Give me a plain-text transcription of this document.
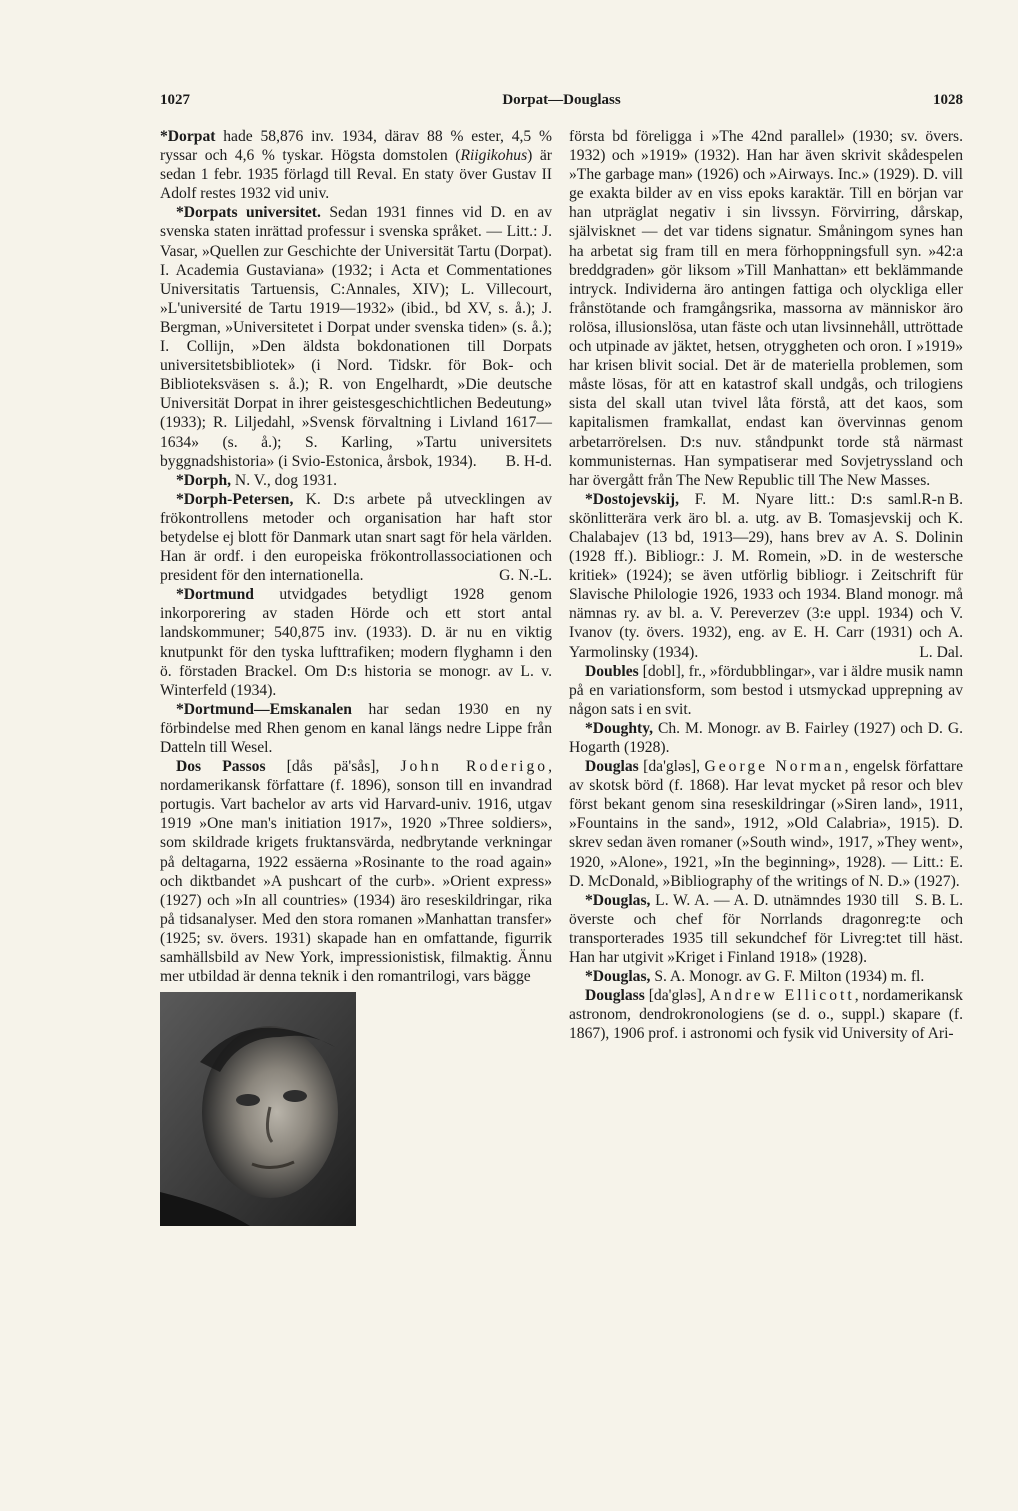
1027	Dorpat—Douglass	1028

*Dorpat hade 58,876 inv. 1934, därav 88 % ester, 4,5 % ryssar och 4,6 % tyskar. Högsta domstolen (Riigikohus) är sedan 1 febr. 1935 förlagd till Reval. En staty över Gustav II Adolf restes 1932 vid univ.

*Dorpats universitet. Sedan 1931 finnes vid D. en av svenska staten inrättad professur i svenska språket. — Litt.: J. Vasar, »Quellen zur Geschichte der Universität Tartu (Dorpat). I. Academia Gustaviana» (1932; i Acta et Commentationes Universitatis Tartuensis, C:Annales, XIV); L. Villecourt, »L'université de Tartu 1919—1932» (ibid., bd XV, s. å.); J. Bergman, »Universitetet i Dorpat under svenska tiden» (s. å.); I. Collijn, »Den äldsta bokdonationen till Dorpats universitetsbibliotek» (i Nord. Tidskr. för Bok- och Biblioteksväsen s. å.); R. von Engelhardt, »Die deutsche Universität Dorpat in ihrer geistesgeschichtlichen Bedeutung» (1933); R. Liljedahl, »Svensk förvaltning i Livland 1617—1634» (s. å.); S. Karling, »Tartu universitets byggnadshistoria» (i Svio-Estonica, årsbok, 1934).	B. H-d.

*Dorph, N. V., dog 1931.

*Dorph-Petersen, K. D:s arbete på utvecklingen av frökontrollens metoder och organisation har haft stor betydelse ej blott för Danmark utan snart sagt för hela världen. Han är ordf. i den europeiska frökontrollassociationen och president för den internationella.	G. N.-L.

*Dortmund utvidgades betydligt 1928 genom inkorporering av staden Hörde och ett stort antal landskommuner; 540,875 inv. (1933). D. är nu en viktig knutpunkt för den tyska lufttrafiken; modern flyghamn i den ö. förstaden Brackel. Om D:s historia se monogr. av L. v. Winterfeld (1934).

*Dortmund—Emskanalen har sedan 1930 en ny förbindelse med Rhen genom en kanal längs nedre Lippe från Datteln till Wesel.

Dos Passos [dås pä'sås], John Roderigo, nordamerikansk författare (f. 1896), sonson till en invandrad portugis. Vart bachelor av arts vid Harvard-univ. 1916, utgav 1919 »One man's initiation 1917», 1920 »Three soldiers», som skildrade krigets fruktansvärda, nedbrytande verkningar på deltagarna, 1922 essäerna »Rosinante to the road again» och diktbandet »A pushcart of the curb». »Orient express» (1927) och »In all countries» (1934) äro reseskildringar, rika på tidsanalyser. Med den stora romanen »Manhattan transfer» (1925; sv. övers. 1931) skapade han en omfattande, figurrik samhällsbild av New York, impressionistisk, filmaktig. Ännu mer utbildad är denna teknik i den romantrilogi, vars bägge

första bd föreligga i »The 42nd parallel» (1930; sv. övers. 1932) och »1919» (1932). Han har även skrivit skådespelen »The garbage man» (1926) och »Airways. Inc.» (1929). D. vill ge exakta bilder av en viss epoks karaktär. Till en början var han utpräglat negativ i sin livssyn. Förvirring, dårskap, självisknet — det var tidens signatur. Småningom synes han ha arbetat sig fram till en mera förhoppningsfull syn. »42:a breddgraden» gör liksom »Till Manhattan» ett beklämmande intryck. Individerna äro antingen fattiga och olyckliga eller frånstötande och framgångsrika, massorna av människor äro rolösa, illusionslösa, utan fäste och utan livsinnehåll, uttröttade och utpinade av jäktet, hetsen, otryggheten och oron. I »1919» har krisen blivit social. Det är de materiella problemen, som måste lösas, för att en katastrof skall undgås, och trilogiens sista del skall utan tvivel låta förstå, att det kaos, som kapitalismen framkallat, endast kan övervinnas genom arbetarrörelsen. D:s nuv. ståndpunkt torde stå närmast kommunisternas. Han sympatiserar med Sovjetryssland och har övergått från The New Republic till The New Masses.
R-n B.

*Dostojevskij, F. M. Nyare litt.: D:s saml. skönlitterära verk äro bl. a. utg. av B. Tomasjevskij och K. Chalabajev (13 bd, 1913—29), hans brev av A. S. Dolinin (1928 ff.). Bibliogr.: J. M. Romein, »D. in de westersche kritiek» (1924); se även utförlig bibliogr. i Zeitschrift für Slavische Philologie 1926, 1933 och 1934. Bland monogr. må nämnas ry. av bl. a. V. Pereverzev (3:e uppl. 1934) och V. Ivanov (ty. övers. 1932), eng. av E. H. Carr (1931) och A. Yarmolinsky (1934).	L. Dal.

Doubles [dobl], fr., »fördubblingar», var i äldre musik namn på en variationsform, som bestod i utsmyckad upprepning av någon sats i en svit.

*Doughty, Ch. M. Monogr. av B. Fairley (1927) och D. G. Hogarth (1928).

Douglas [da'gləs], George Norman, engelsk författare av skotsk börd (f. 1868). Har levat mycket på resor och blev först bekant genom sina reseskildringar (»Siren land», 1911, »Fountains in the sand», 1912, »Old Calabria», 1915). D. skrev sedan även romaner (»South wind», 1917, »They went», 1920, »Alone», 1921, »In the beginning», 1928). — Litt.: E. D. McDonald, »Bibliography of the writings of N. D.» (1927).
S. B. L.

*Douglas, L. W. A. — A. D. utnämndes 1930 till överste och chef för Norrlands dragonreg:te och transporterades 1935 till sekundchef för Livreg:tet till häst. Han har utgivit »Kriget i Finland 1918» (1928).

*Douglas, S. A. Monogr. av G. F. Milton (1934) m. fl.

Douglass [da'gləs], Andrew Ellicott, nordamerikansk astronom, dendrokronologiens (se d. o., suppl.) skapare (f. 1867), 1906 prof. i astronomi och fysik vid University of Ari-
